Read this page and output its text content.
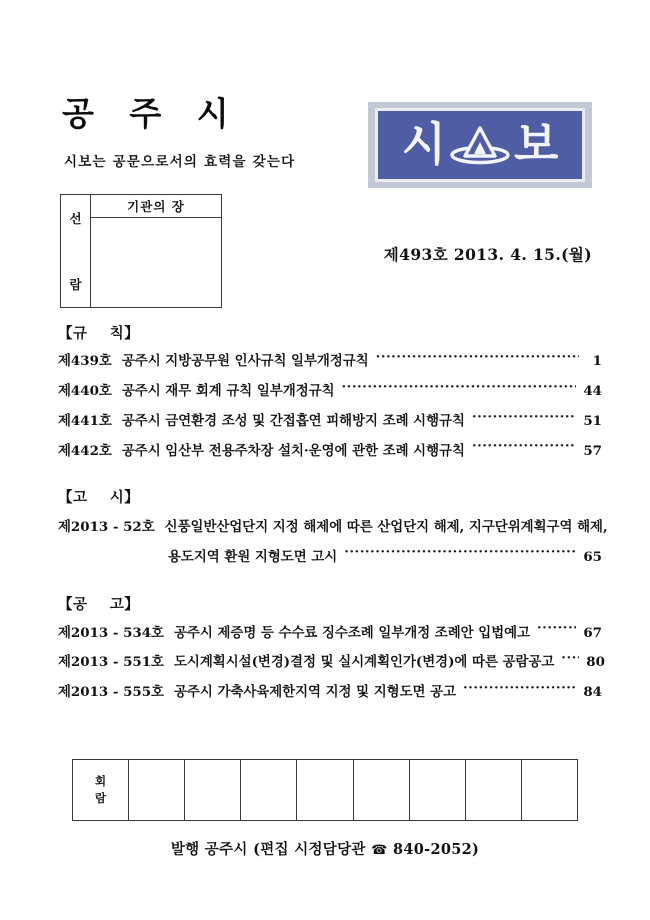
공 주 시
시보는 공문으로서의 효력을 갖는다 시 보
선
람
기관의 장
제493호 2013. 4. 15.(월)
【규    칙】
제439호 공주시 지방공무원 인사규칙 일부개정규칙 ·····	1
제440호 공주시 재무 회계 규칙 일부개정규칙 ·····	44
제441호 공주시 금연환경 조성 및 간접흡연 피해방지 조례 시행규칙 ·····	51
제442호 공주시 임산부 전용주차장 설치·운영에 관한 조례 시행규칙 ·····	57
【고    시】
제2013 - 52호 신풍일반산업단지 지정 해제에 따른 산업단지 해제, 지구단위계획구역 해제,
용도지역 환원 지형도면 고시 ·····	65
【공    고】
제2013 - 534호 공주시 제증명 등 수수료 징수조례 일부개정 조례안 입법예고 ·····	67
제2013 - 551호 도시계획시설(변경)결정 및 실시계획인가(변경)에 따른 공람공고 ·····	80
제2013 - 555호 공주시 가축사육제한지역 지정 및 지형도면 공고 ·····	84
회
람
발행 공주시 (편집 시정담당관 ☎ 840-2052)
